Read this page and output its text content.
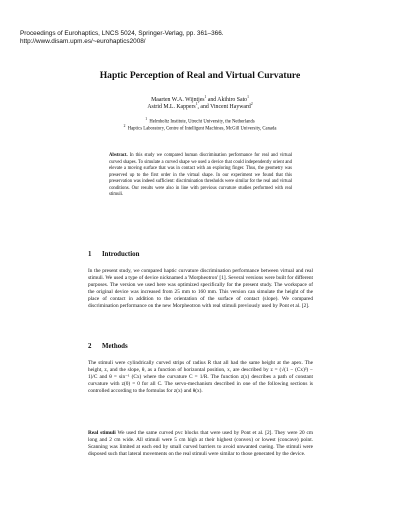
Proceedings of Eurohaptics, LNCS 5024, Springer-Verlag, pp. 361–366.
http://www.disam.upm.es/~eurohaptics2008/
Haptic Perception of Real and Virtual Curvature
Maarten W.A. Wijntjes$^1$ and Akihiro Sato$^1$
Astrid M.L. Kappers$^1$, and Vincent Hayward$^2$
$^1$  Helmholtz Institute, Utrecht University, the Netherlands
$^2$  Haptics Laboratory, Centre of Intelligent Machines, McGill University, Canada
Abstract. In this study we compared human discrimination performance for real and virtual curved shapes. To simulate a curved shape we used a device that could independently orient and elevate a moving surface that was in contact with an exploring finger. Thus, the geometry was preserved up to the first order in the virtual shape. In our experiment we found that this preservation was indeed sufficient: discrimination thresholds were similar for the real and virtual conditions. Our results were also in line with previous curvature studies performed with real stimuli.
1 Introduction
In the present study, we compared haptic curvature discrimination performance between virtual and real stimuli. We used a type of device nicknamed a 'Morpheotron' [1]. Several versions were built for different purposes. The version we used here was optimized specifically for the present study. The workspace of the original device was increased from 25 mm to 160 mm. This version can simulate the height of the place of contact in addition to the orientation of the surface of contact (slope). We compared discrimination performance on the new Morpheotron with real stimuli previously used by Pont et al. [2].
2 Methods
The stimuli were cylindrically curved strips of radius R that all had the same height at the apex. The height, z, and the slope, θ, as a function of horizontal position, x, are described by z = (√(1 − (Cx)²) − 1)/C and θ = sin⁻¹ (Cx) where the curvature C = 1/R. The function z(x) describes a path of constant curvature with z(0) = 0 for all C. The servo-mechanism described in one of the following sections is controlled according to the formulas for z(x) and θ(x).
Real stimuli We used the same curved pvc blocks that were used by Pont et al. [2]. They were 20 cm long and 2 cm wide. All stimuli were 5 cm high at their highest (convex) or lowest (concave) point. Scanning was limited at each end by small curved barriers to avoid unwanted cueing. The stimuli were disposed such that lateral movements on the real stimuli were similar to those generated by the device.
